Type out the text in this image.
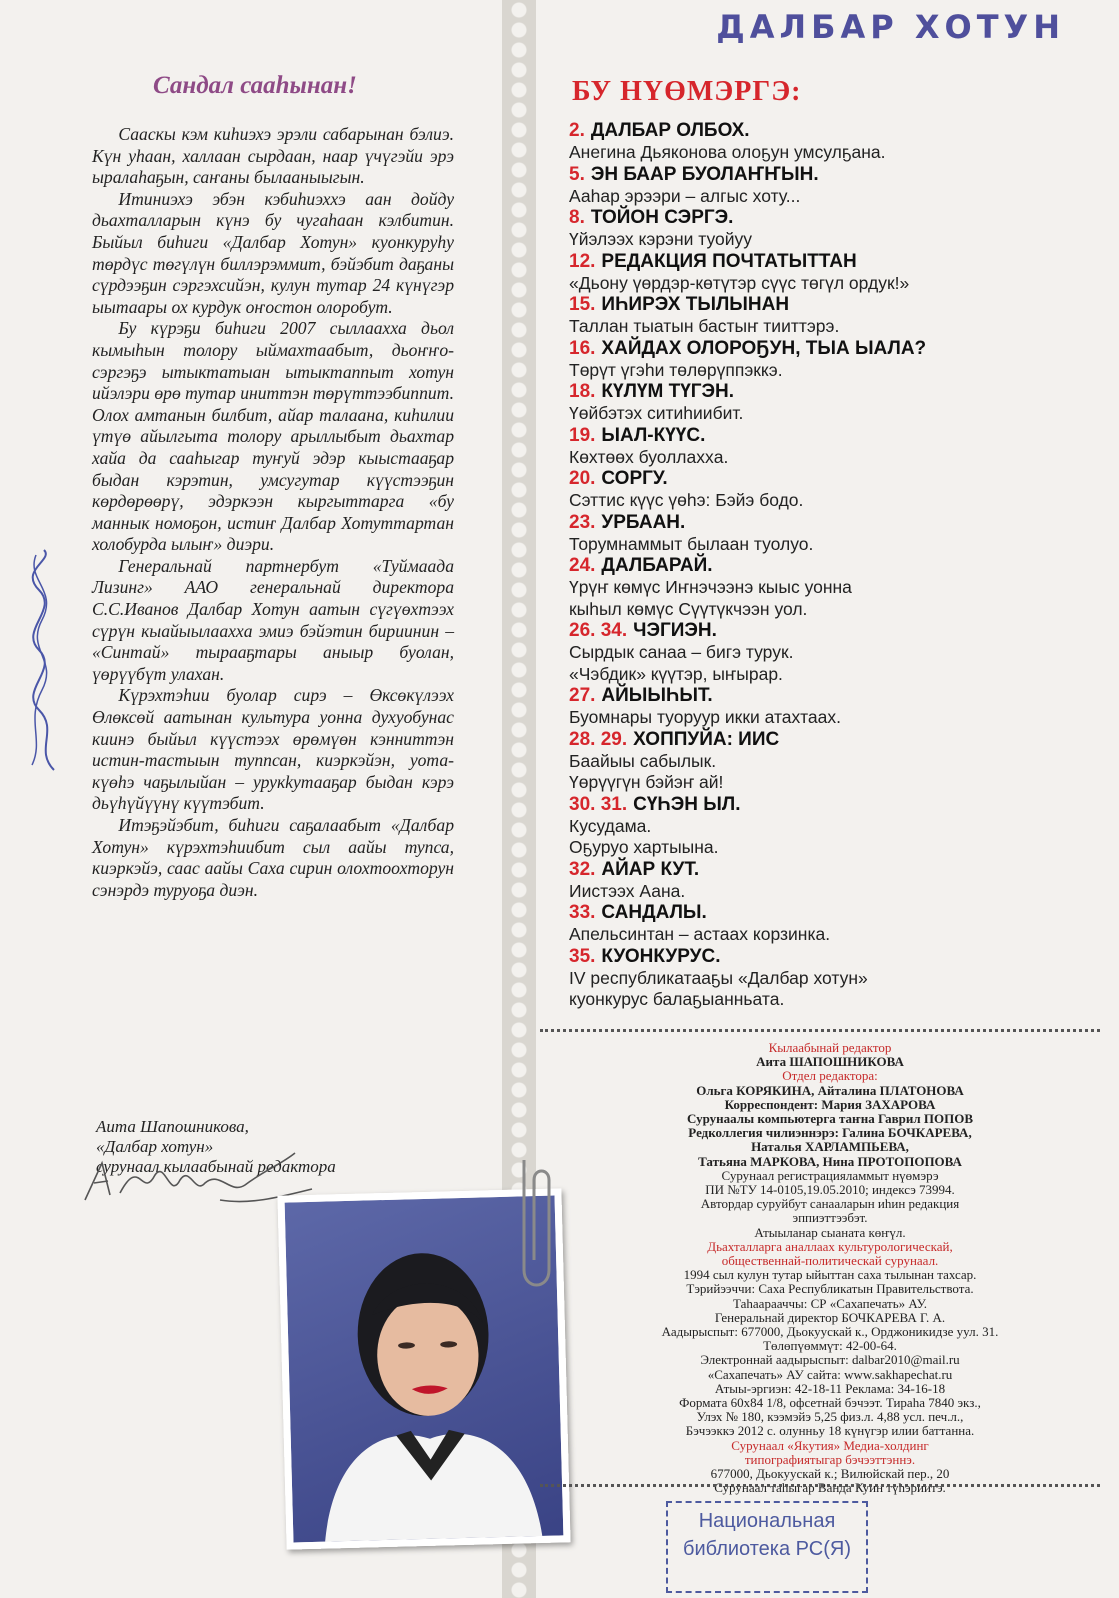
ДАЛБАР ХОТУН
Сандал сааһынан!

Сааскы кэм киһиэхэ эрэли сабарынан бэлиэ. Күн уһаан, халлаан сырдаан, наар үчүгэйи эрэ ыралаһаҕын, саҥаны былааныыгын.

Итиниэхэ эбэн кэбиһиэххэ аан дойду дьахталларын күнэ бу чугаһаан кэлбитин. Быйыл биһиги «Далбар Хотун» куонкуруһу төрдүс төгүлүн биллэрэммит, бэйэбит даҕаны сүрдээҕин сэргэхсийэн, кулун тутар 24 күнүгэр ыытаары ох курдук оҥостон олоробут.

Бу күрэҕи биһиги 2007 сыллаахха дьол кымыһын толору ыймахтаабыт, дьоҥҥо-сэргэҕэ ытыктатыан ытыктаппыт хотун ийэлэри өрө тутар иниттэн төрүттээбиппит. Олох амтанын билбит, айар талаана, киһилии үтүө айылгыта толору арыллыбыт дьахтар хайа да сааһыгар туҥуй эдэр кыыстааҕар быдан кэрэтин, умсугутар күүстээҕин көрдөрөөрү, эдэркээн кыргыттарга «бу маннык номоҕон, истиҥ Далбар Хотуттартан холобурда ылыҥ» диэри.

Генеральнай партнербут «Туймаада Лизинг» ААО генеральнай директора С.С.Иванов Далбар Хотун аатын сүгүөхтээх сүрүн кыайыылааххa эмиэ бэйэтин бириинин – «Синтай» тырааҕтары аныыр буолан, үөрүүбүт улахан.

Күрэхтэһии буолар сирэ – Өксөкүлээх Өлөксөй аатынан культура уонна духуобунас киинэ быйыл күүстээх өрөмүөн кэнниттэн истин-тастыын туппсан, киэркэйэн, уота-күөһэ чаҕылыйан – урукkутааҕар быдан кэрэ дьүһүйүүнү күүтэбит.

Итэҕэйэбит, биһиги саҕалаабыт «Далбар Хотун» күрэхтэһиибит сыл аайы тупса, киэркэйэ, саас аайы Саха сирин олохтоохторун сэнэрдэ туруоҕа диэн.

Аита Шапошникова,
«Далбар хотун»
сурунаал кылаабынай редактора
БУ НҮӨМЭРГЭ:
2. ДАЛБАР ОЛБОХ.
Анегина Дьяконова олоҕун умсулҕана.
5. ЭН БААР БУОЛАҤҤЫН.
Ааһар эрээри – алгыс хоту...
8. ТОЙОН СЭРГЭ.
Үйэлээх кэрэни туойуу
12. РЕДАКЦИЯ ПОЧТАТЫТТАН
«Дьону үөрдэр-көтүтэр сүүс төгүл ордук!»
15. ИҺИРЭХ ТЫЛЫНАН
Таллан тыатын бастыҥ тииттэрэ.
16. ХАЙДАХ ОЛОРОҔУН, ТЫА ЫАЛА?
Төрүт үгэһи төлөрүппэккэ.
18. КҮЛҮМ ТҮГЭН.
Үөйбэтэх ситиһиибит.
19. ЫАЛ-КҮҮС.
Көхтөөх буоллаххa.
20. СОРГУ.
Сэттис күүс үөһэ: Бэйэ бодо.
23. УРБААН.
Торумнаммыт былаан туолуо.
24. ДАЛБАРАЙ.
Үрүҥ көмүс Иҥнэчээнэ кыыс уонна
кыһыл көмүс Сүүтүкчээн уол.
26. 34. ЧЭГИЭН.
Сырдык санаа – бигэ турук.
«Чэбдик» күүтэр, ыҥырар.
27. АЙЫЫҺЫТ.
Буомнары туоруур икки атахтаах.
28. 29. ХОППУЙА: ИИС
Баайыы сабылык.
Үөрүүгүн бэйэҥ ай!
30. 31. СҮҺЭН ЫЛ.
Кусудама.
Оҕуруо хартыына.
32. АЙАР КУТ.
Иистээх Аана.
33. САНДАЛЫ.
Апельсинтан – астаах корзинка.
35. КУОНКУРУС.
IV республикатааҕы «Далбар хотун»
куонкурус балаҕыанньата.
Кылаабынай редактор
Аита ШАПОШНИКОВА
Отдел редактора:
Ольга КОРЯКИНА, Айталина ПЛАТОНОВА
Корреспондент: Мария ЗАХАРОВА
Сурунаалы компьютерга таҥна Гаврил ПОПОВ
Редколлегия чилиэннэрэ: Галина БОЧКАРЕВА,
Наталья ХАРЛАМПЬЕВА,
Татьяна МАРКОВА, Нина ПРОТОПОПОВА
Сурунаал регистрацияламмыт нүөмэрэ
ПИ №ТУ 14-0105,19.05.2010; индексэ 73994.
Автордар суруйбут санааларын иһин редакция
эппиэттээбэт.
Атыыланар сыаната көҥүл.
Дьахталларга аналлаах культурологическай,
общественнай-политическай сурунаал.
1994 сыл кулун тутар ыйыттан саха тылынан тахсар.
Тэрийээччи: Саха Республикатын Правительствота.
Таһаарааччы: СР «Сахапечать» АУ.
Генеральнай директор БОЧКАРЕВА Г. А.
Аадырыспыт: 677000, Дьокуускай к., Орджоникидзе уул. 31.
Төлөпүөммүт: 42-00-64.
Электроннай аадырыспыт: dalbar2010@mail.ru
«Сахапечать» АУ сайта: www.sakhapechat.ru
Атыы-эргиэн: 42-18-11 Реклама: 34-16-18
Формата 60х84 1/8, офсетнай бэчээт. Тираһа 7840 экз.,
Улэх № 180, кээмэйэ 5,25 физ.л. 4,88 усл. печ.л.,
Бэчээккэ 2012 с. олунньу 18 күнүгэр илии баттанна.
Сурунаал «Якутия» Медиа-холдинг
типографиятыгар бэчээттэннэ.
677000, Дьокуускай к.; Вилюйскай пер., 20
Сурунаал таһыгар Ванда Куин түһэриитэ.
Национальная
библиотека РС(Я)
